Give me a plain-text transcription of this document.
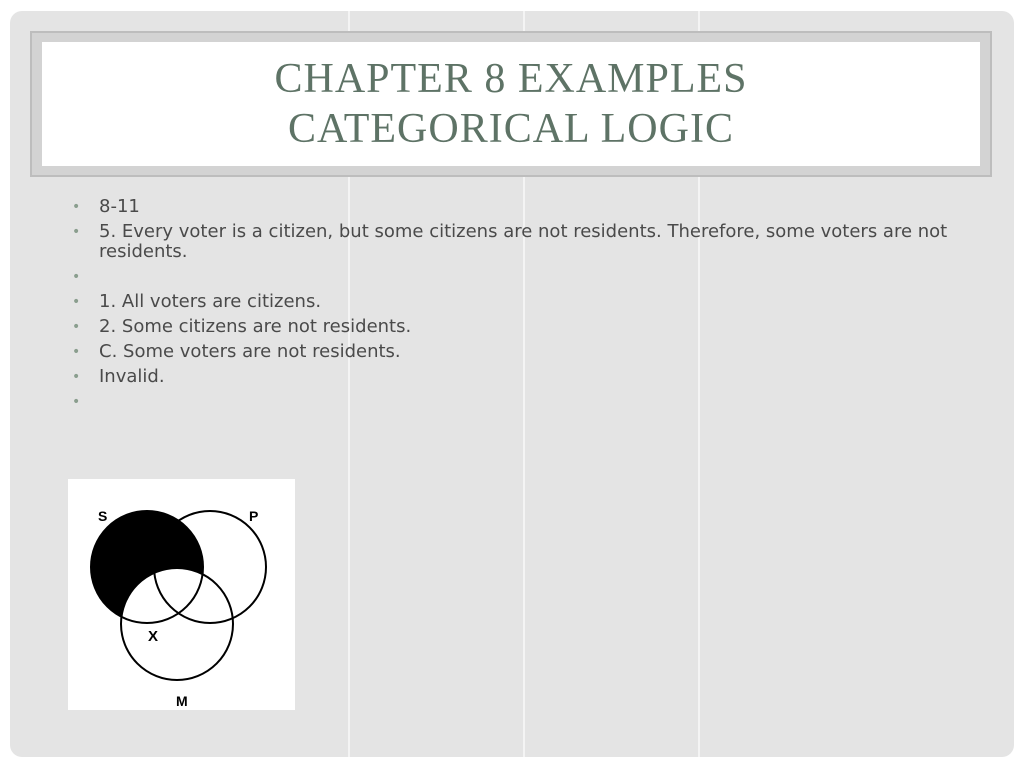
CHAPTER 8 EXAMPLES
CATEGORICAL LOGIC
• 8-11
• 5. Every voter is a citizen, but some citizens are not residents. Therefore, some voters are not residents.
•
• 1. All voters are citizens.
• 2. Some citizens are not residents.
• C. Some voters are not residents.
• Invalid.
•
S	P
M
X
